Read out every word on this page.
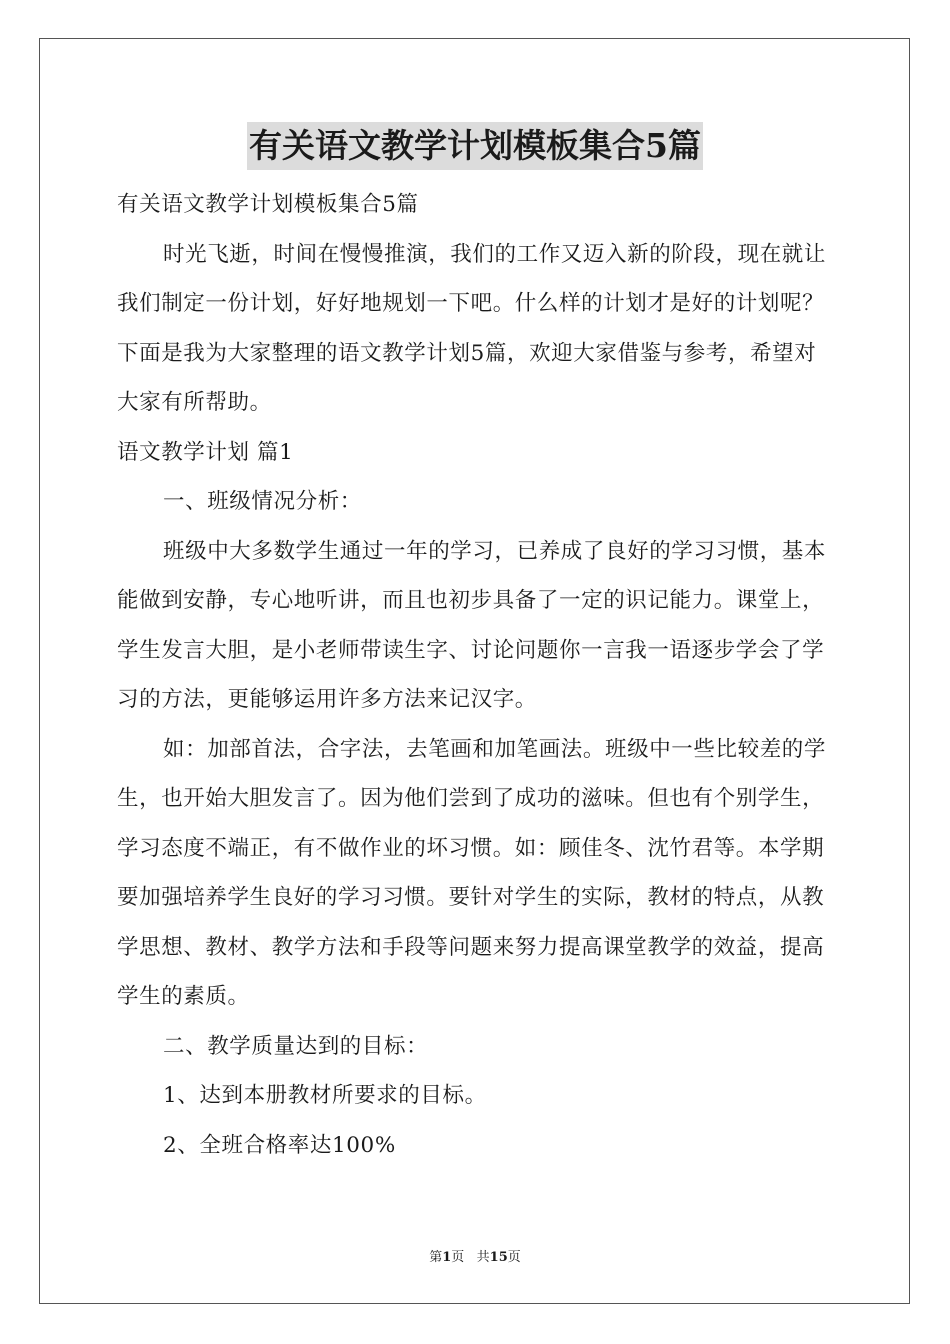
有关语文教学计划模板集合5篇

有关语文教学计划模板集合5篇

时光飞逝，时间在慢慢推演，我们的工作又迈入新的阶段，现在就让我们制定一份计划，好好地规划一下吧。什么样的计划才是好的计划呢？下面是我为大家整理的语文教学计划5篇，欢迎大家借鉴与参考，希望对大家有所帮助。

语文教学计划 篇1

一、班级情况分析：

班级中大多数学生通过一年的学习，已养成了良好的学习习惯，基本能做到安静，专心地听讲，而且也初步具备了一定的识记能力。课堂上，学生发言大胆，是小老师带读生字、讨论问题你一言我一语逐步学会了学习的方法，更能够运用许多方法来记汉字。

如：加部首法，合字法，去笔画和加笔画法。班级中一些比较差的学生，也开始大胆发言了。因为他们尝到了成功的滋味。但也有个别学生，学习态度不端正，有不做作业的坏习惯。如：顾佳冬、沈竹君等。本学期要加强培养学生良好的学习习惯。要针对学生的实际，教材的特点，从教学思想、教材、教学方法和手段等问题来努力提高课堂教学的效益，提高学生的素质。

二、教学质量达到的目标：

1、达到本册教材所要求的目标。

2、全班合格率达100%

第1页   共15页
